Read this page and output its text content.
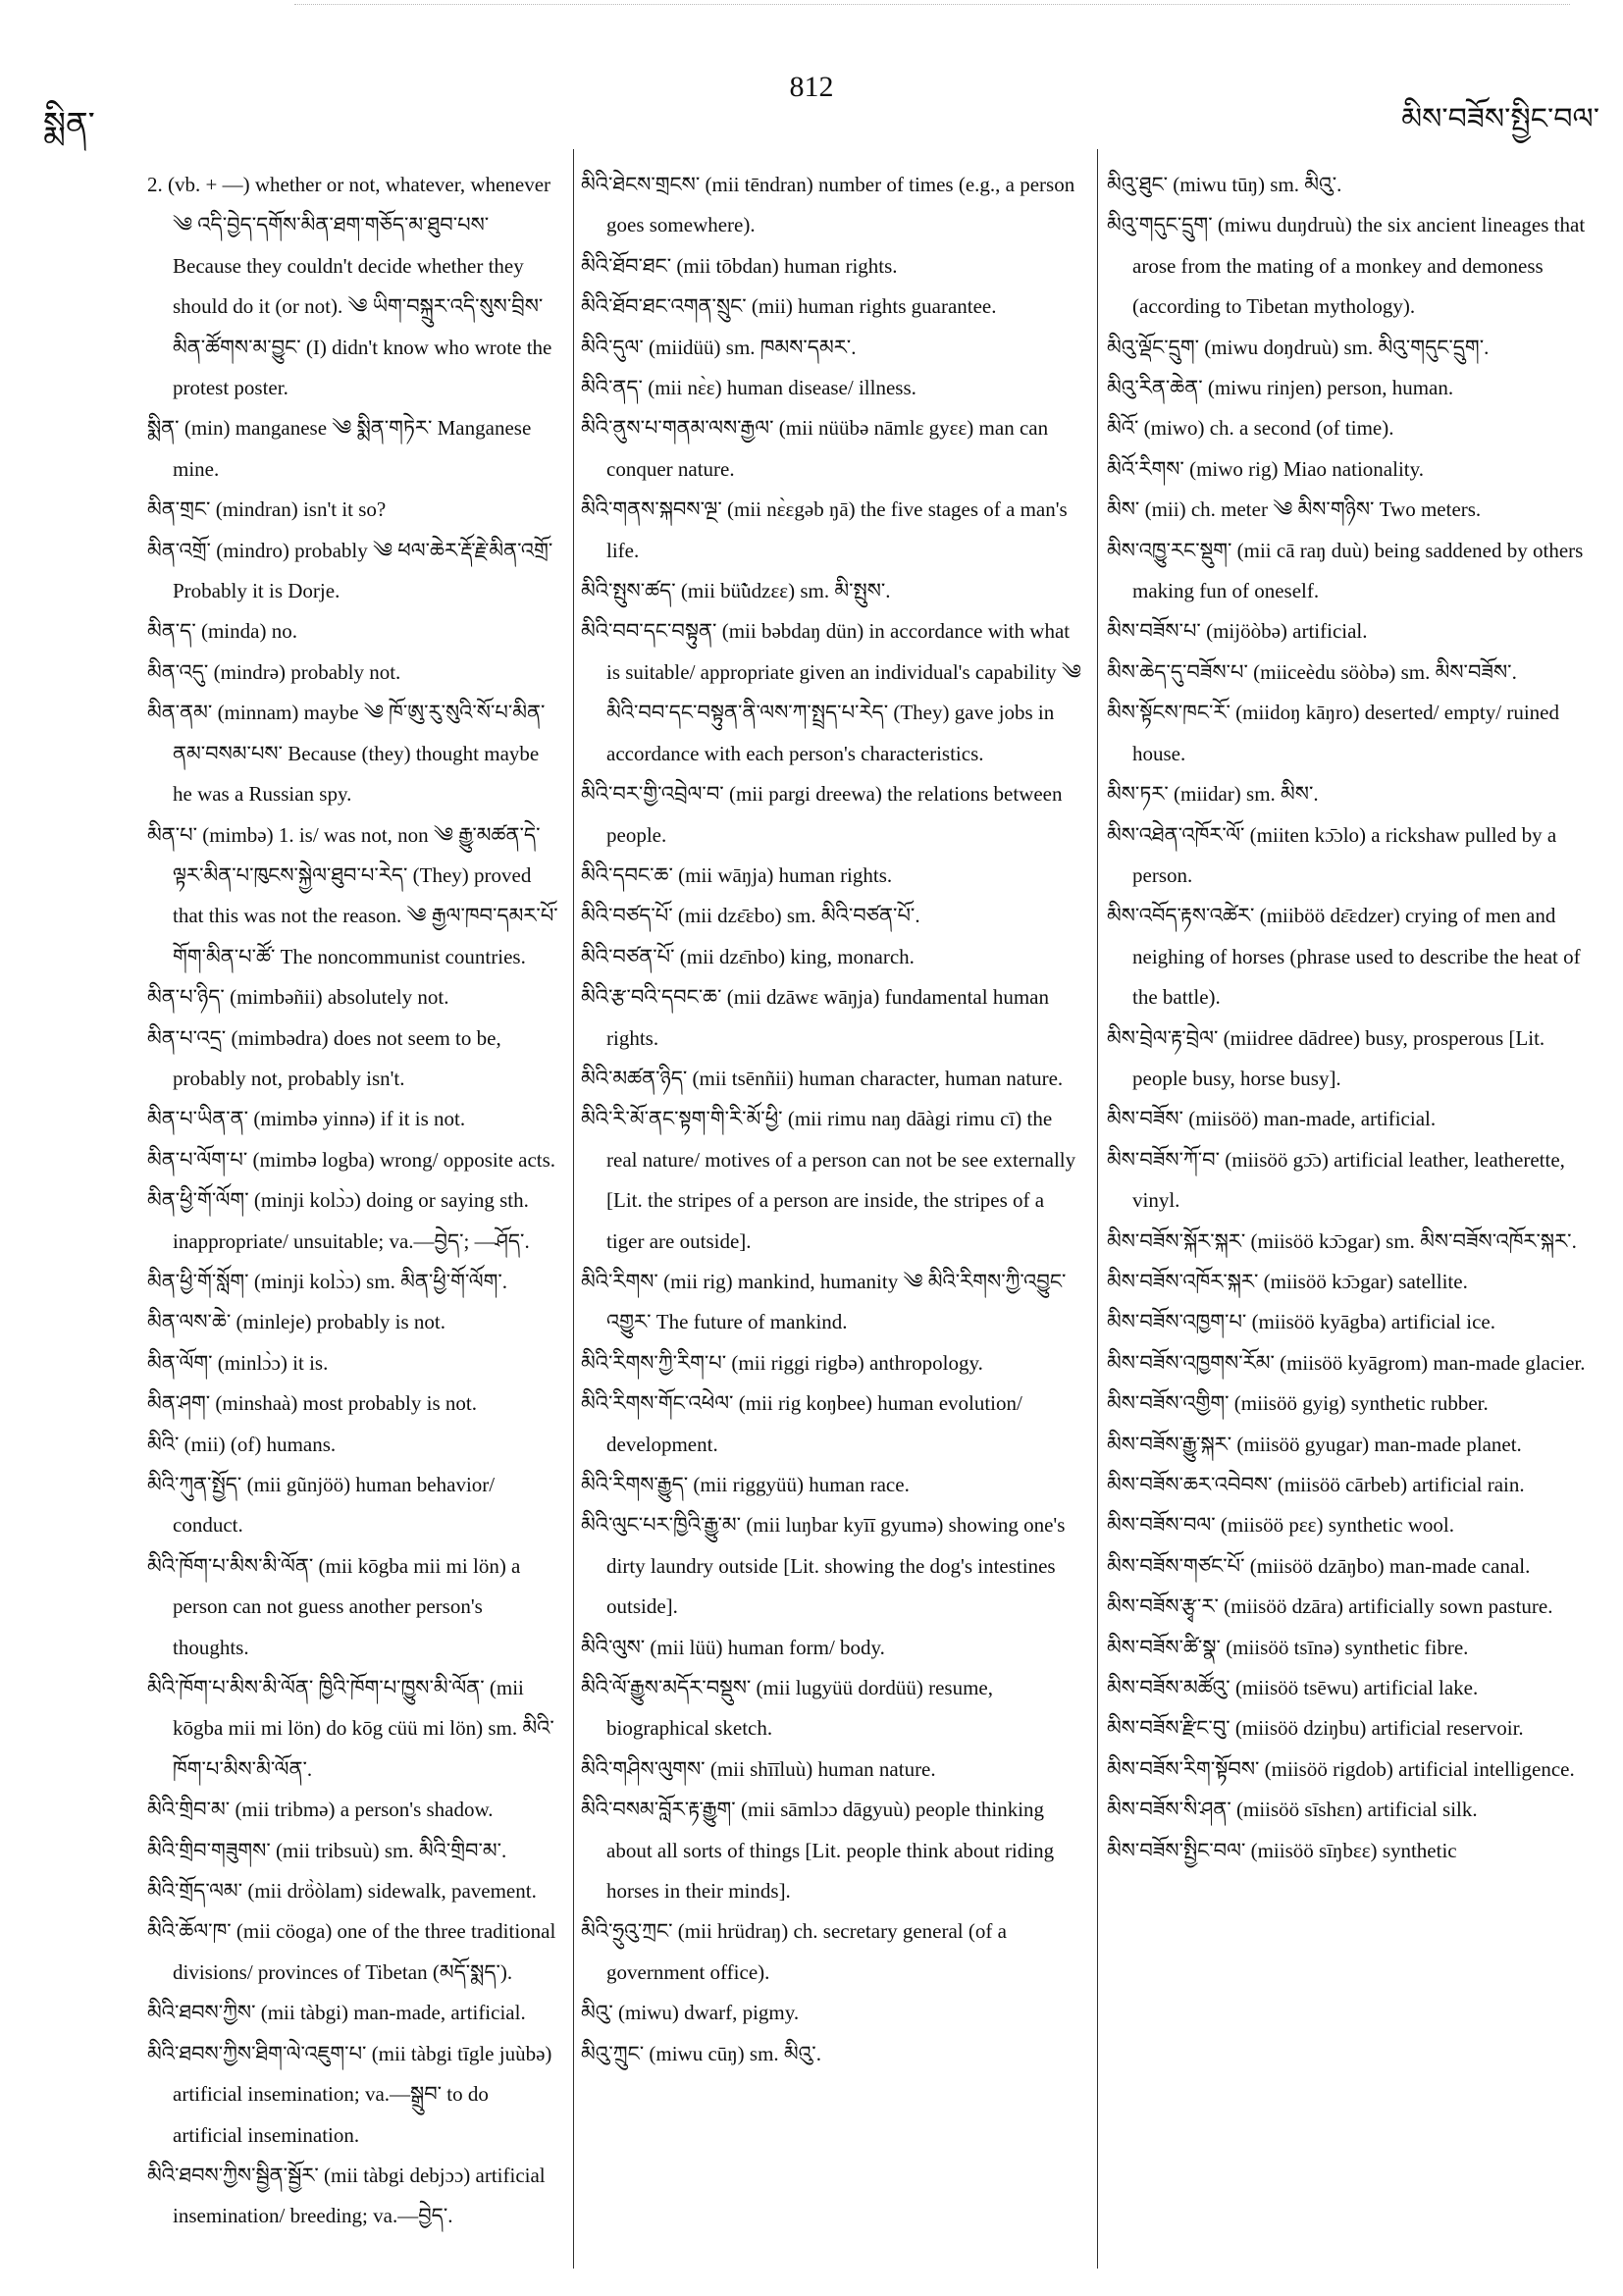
སྨིན་
812
མིས་བཟོས་སྤྱིང་བལ་

2. (vb. + —) whether or not, whatever, whenever ༄ འདི་བྱེད་དགོས་མིན་ཐག་གཅོད་མ་ཐུབ་པས་ Because they couldn't decide whether they should do it (or not). ༄ ཡིག་བསྐྲུར་འདི་སུས་བྲིས་མིན་ཚོགས་མ་བྱུང་ (I) didn't know who wrote the protest poster.

སྨིན་ (min) manganese ༄ སྨིན་གཏེར་ Manganese mine.

མིན་གྲང་ (mindran) isn't it so?

མིན་འགྲོ་ (mindro) probably ༄ ཕལ་ཆེར་རྡོ་རྗེ་མིན་འགྲོ་ Probably it is Dorje.

མིན་ད་ (minda) no.

མིན་འདུ་ (mindrə) probably not.

མིན་ནམ་ (minnam) maybe ༄ ཁོ་ཨུ་རུ་སུའི་སོ་པ་མིན་ནམ་བསམ་པས་ Because (they) thought maybe he was a Russian spy.

མིན་པ་ (mimbə) 1. is/ was not, non ༄ རྒྱུ་མཚན་དེ་ལྟར་མིན་པ་ཁུངས་སྐྱེལ་ཐུབ་པ་རེད་ (They) proved that this was not the reason. ༄ རྒྱལ་ཁབ་དམར་པོ་གོག་མིན་པ་ཚོ་ The noncommunist countries.

མིན་པ་ཉིད་ (mimbəñii) absolutely not.

མིན་པ་འདྲ་ (mimbədra) does not seem to be, probably not, probably isn't.

མིན་པ་ཡིན་ན་ (mimbə yinnə) if it is not.

མིན་པ་ལོག་པ་ (mimbə logba) wrong/ opposite acts.

མིན་ཕྱི་གོ་ལོག་ (minji kolɔ̀ɔ) doing or saying sth. inappropriate/ unsuitable; va.—བྱེད་; —ཤོད་.

མིན་ཕྱི་གོ་སློག་ (minji kolɔ̀ɔ) sm. མིན་ཕྱི་གོ་ལོག་.

མིན་ལས་ཆེ་ (minleje) probably is not.

མིན་ལོག་ (minlɔ̀ɔ) it is.

མིན་ཤག་ (minshaà) most probably is not.

མིའི་ (mii) (of) humans.

མིའི་ཀུན་སྤྱོད་ (mii gũnjöö) human behavior/ conduct.

མིའི་ཁོག་པ་མིས་མི་ལོན་ (mii kōgba mii mi lön) a person can not guess another person's thoughts.

མིའི་ཁོག་པ་མིས་མི་ལོན་ ཁྱིའི་ཁོག་པ་ཁྱུས་མི་ལོན་ (mii kōgba mii mi lön) do kōg cüü mi lön) sm. མིའི་ཁོག་པ་མིས་མི་ལོན་.

མིའི་གྲིབ་མ་ (mii tribmə) a person's shadow.

མིའི་གྲིབ་གཟུགས་ (mii tribsuù) sm. མིའི་གྲིབ་མ་.

མིའི་གྲོད་ལམ་ (mii drö̀òlam) sidewalk, pavement.

མིའི་ཆོལ་ཁ་ (mii cöoga) one of the three traditional divisions/ provinces of Tibetan (མདོ་སྨད་).

མིའི་ཐབས་ཀྱིས་ (mii tàbgi) man-made, artificial.

མིའི་ཐབས་ཀྱིས་ཐིག་ལེ་འཇུག་པ་ (mii tàbgi tīgle juùbə) artificial insemination; va.—སྒྲུབ་ to do artificial insemination.

མིའི་ཐབས་ཀྱིས་སྦྱིན་སྦྱོར་ (mii tàbgi debjɔɔ) artificial insemination/ breeding; va.—བྱེད་.

མིའི་ཐེངས་གྲངས་ (mii tēndran) number of times (e.g., a person goes somewhere).

མིའི་ཐོབ་ཐང་ (mii tōbdan) human rights.

མིའི་ཐོབ་ཐང་འགན་སྲུང་ (mii) human rights guarantee.

མིའི་དུལ་ (miidüü) sm. ཁམས་དམར་.

མིའི་ནད་ (mii nɛ̀ɛ) human disease/ illness.

མིའི་ནུས་པ་གནམ་ལས་རྒྱལ་ (mii nüübə nāmlɛ gyɛɛ) man can conquer nature.

མིའི་གནས་སྐབས་ལྔ་ (mii nɛ̀ɛgəb ŋā) the five stages of a man's life.

མིའི་སྤུས་ཚད་ (mii bü̃ùdzɛɛ) sm. མི་སྤུས་.

མིའི་བབ་དང་བསྟུན་ (mii bəbdaŋ dün) in accordance with what is suitable/ appropriate given an individual's capability ༄ མིའི་བབ་དང་བསྟུན་ནི་ལས་ཀ་སྤྲད་པ་རེད་ (They) gave jobs in accordance with each person's characteristics.

མིའི་བར་གྱི་འབྲེལ་བ་ (mii pargi dreewa) the relations between people.

མིའི་དབང་ཆ་ (mii wāŋja) human rights.

མིའི་བཙད་པོ་ (mii dzɛ̄ɛbo) sm. མིའི་བཙན་པོ་.

མིའི་བཙན་པོ་ (mii dzɛ̄nbo) king, monarch.

མིའི་རྩ་བའི་དབང་ཆ་ (mii dzāwɛ wāŋja) fundamental human rights.

མིའི་མཚན་ཉིད་ (mii tsēnñii) human character, human nature.

མིའི་རི་མོ་ནང་སྟག་གི་རི་མོ་ཕྱི་ (mii rimu naŋ dāàgi rimu cī) the real nature/ motives of a person can not be see externally [Lit. the stripes of a person are inside, the stripes of a tiger are outside].

མིའི་རིགས་ (mii rig) mankind, humanity ༄ མིའི་རིགས་ཀྱི་འབྱུང་འགྱུར་ The future of mankind.

མིའི་རིགས་ཀྱི་རིག་པ་ (mii riggi rigbə) anthropology.

མིའི་རིགས་གོང་འཕེལ་ (mii rig koŋbee) human evolution/ development.

མིའི་རིགས་རྒྱུད་ (mii riggyüü) human race.

མིའི་ལུང་པར་ཁྱིའི་རྒྱུ་མ་ (mii luŋbar kyīī gyumə) showing one's dirty laundry outside [Lit. showing the dog's intestines outside].

མིའི་ལུས་ (mii lüü) human form/ body.

མིའི་ལོ་རྒྱུས་མདོར་བསྡུས་ (mii lugyüü dordüü) resume, biographical sketch.

མིའི་གཤིས་ལུགས་ (mii shīīluù) human nature.

མིའི་བསམ་བློར་རྟ་རྒྱུག་ (mii sāmlɔɔ dāgyuù) people thinking about all sorts of things [Lit. people think about riding horses in their minds].

མིའི་ཧྲུའུ་ཀྲང་ (mii hrüdraŋ) ch. secretary general (of a government office).

མིའུ་ (miwu) dwarf, pigmy.

མིའུ་ཀྲུང་ (miwu cūŋ) sm. མིའུ་.

མིའུ་ཐུང་ (miwu tūŋ) sm. མིའུ་.

མིའུ་གདུང་དྲུག་ (miwu duŋdruù) the six ancient lineages that arose from the mating of a monkey and demoness (according to Tibetan mythology).

མིའུ་ལྡོང་དྲུག་ (miwu doŋdruù) sm. མིའུ་གདུང་དྲུག་.

མིའུ་རིན་ཆེན་ (miwu rinjen) person, human.

མིའོ་ (miwo) ch. a second (of time).

མིའོ་རིགས་ (miwo rig) Miao nationality.

མིས་ (mii) ch. meter ༄ མིས་གཉིས་ Two meters.

མིས་འཁྱུ་རང་སྡུག་ (mii cā raŋ duù) being saddened by others making fun of oneself.

མིས་བཟོས་པ་ (mijöòbə) artificial.

མིས་ཆེད་དུ་བཟོས་པ་ (miiceèdu söòbə) sm. མིས་བཟོས་.

མིས་སྟོངས་ཁང་རོ་ (miidoŋ kāŋro) deserted/ empty/ ruined house.

མིས་ཏར་ (miidar) sm. མིས་.

མིས་འཐེན་འཁོར་ལོ་ (miiten kɔ̄ɔlo) a rickshaw pulled by a person.

མིས་འབོད་རྟས་འཚེར་ (miiböö dɛ̄ɛdzer) crying of men and neighing of horses (phrase used to describe the heat of the battle).

མིས་བྲེལ་རྟ་བྲེལ་ (miidree dādree) busy, prosperous [Lit. people busy, horse busy].

མིས་བཟོས་ (miisöö) man-made, artificial.

མིས་བཟོས་ཀོ་བ་ (miisöö gɔ̄ɔ) artificial leather, leatherette, vinyl.

མིས་བཟོས་སྐོར་སྐར་ (miisöö kɔ̄ɔgar) sm. མིས་བཟོས་འཁོར་སྐར་.

མིས་བཟོས་འཁོར་སྐར་ (miisöö kɔ̄ɔgar) satellite.

མིས་བཟོས་འཁྱག་པ་ (miisöö kyāgba) artificial ice.

མིས་བཟོས་འཁྱགས་རོམ་ (miisöö kyāgrom) man-made glacier.

མིས་བཟོས་འགྱིག་ (miisöö gyig) synthetic rubber.

མིས་བཟོས་རྒྱུ་སྐར་ (miisöö gyugar) man-made planet.

མིས་བཟོས་ཆར་འབེབས་ (miisöö cārbeb) artificial rain.

མིས་བཟོས་བལ་ (miisöö pɛɛ) synthetic wool.

མིས་བཟོས་གཙང་པོ་ (miisöö dzāŋbo) man-made canal.

མིས་བཟོས་རྩྭ་ར་ (miisöö dzāra) artificially sown pasture.

མིས་བཟོས་ཚི་སྣ་ (miisöö tsīnə) synthetic fibre.

མིས་བཟོས་མཚོའུ་ (miisöö tsēwu) artificial lake.

མིས་བཟོས་རྫིང་བུ་ (miisöö dziŋbu) artificial reservoir.

མིས་བཟོས་རིག་སྟོབས་ (miisöö rigdob) artificial intelligence.

མིས་བཟོས་སི་ཤན་ (miisöö sīshɛn) artificial silk.

མིས་བཟོས་སྤྱིང་བལ་ (miisöö sīŋbɛɛ) synthetic
